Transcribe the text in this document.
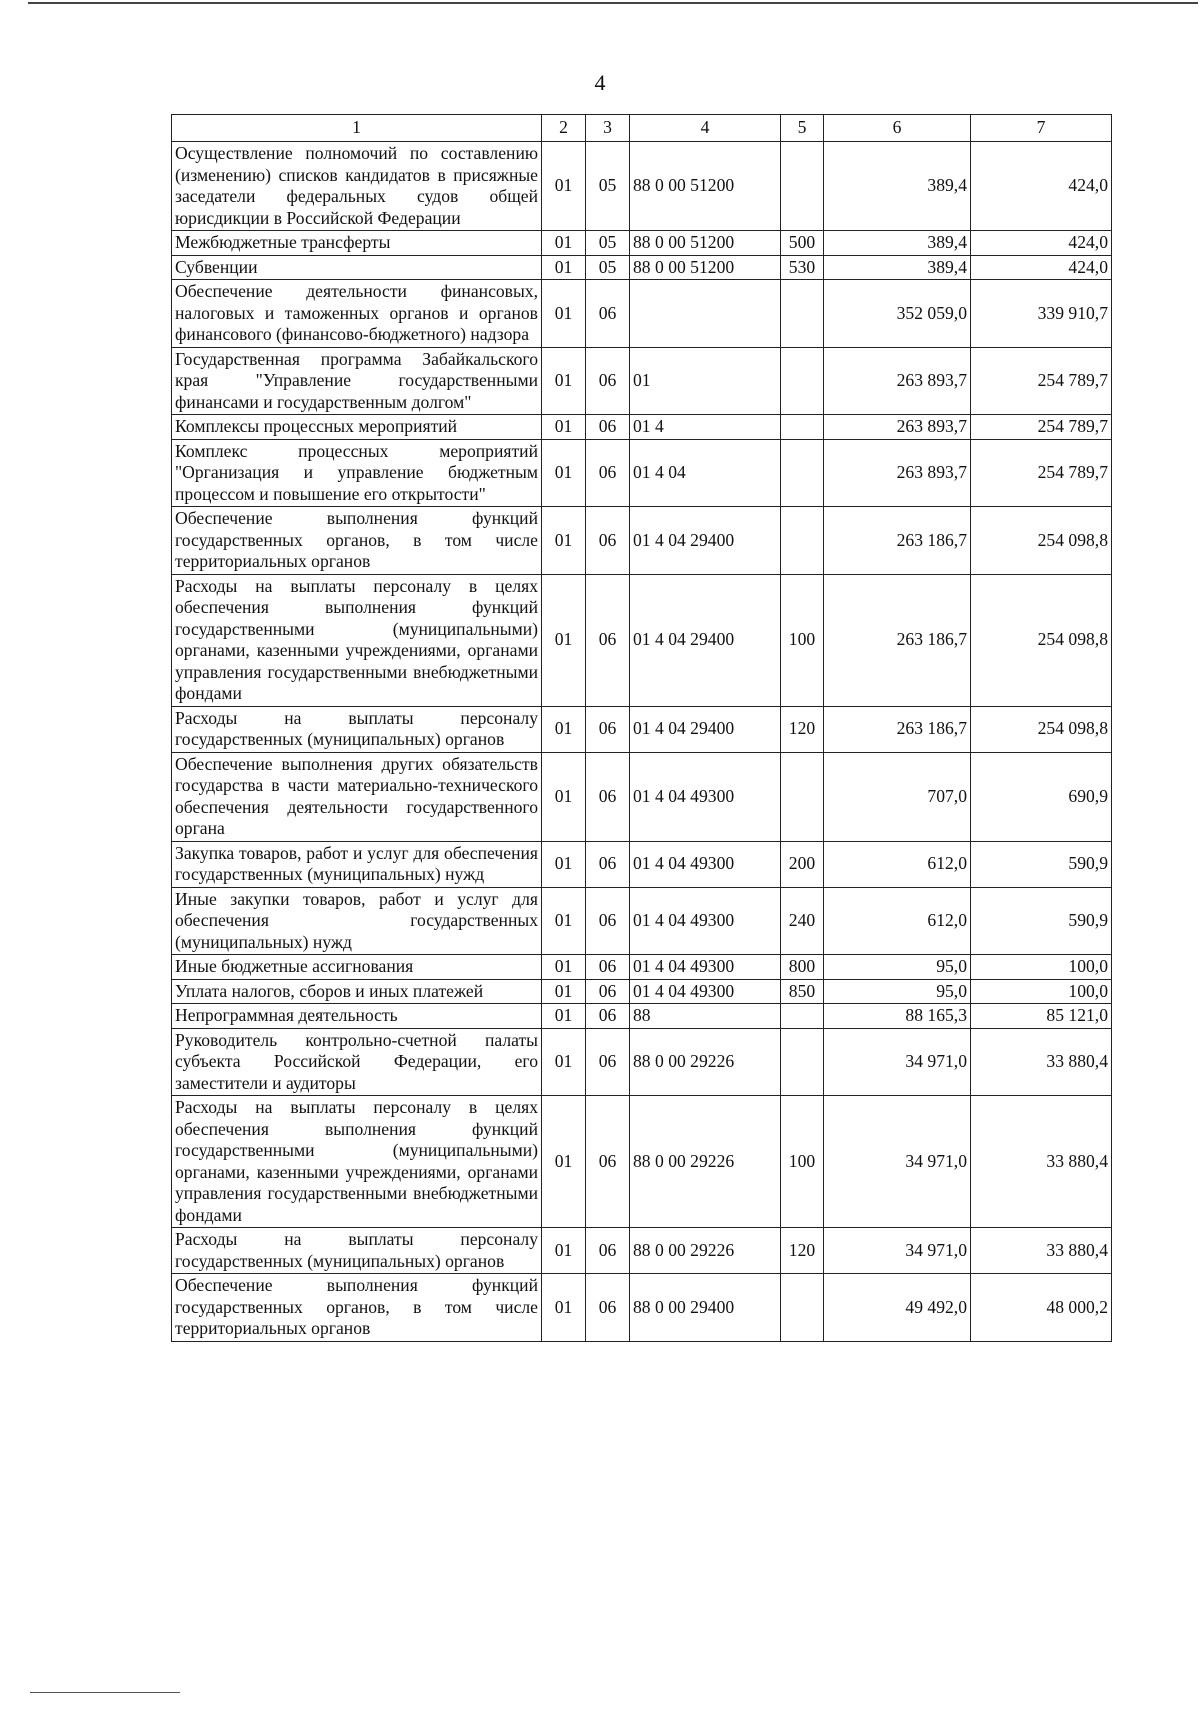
4
1	2	3	4	5	6	7
Осуществление полномочий по составлению (изменению) списков кандидатов в присяжные заседатели федеральных судов общей юрисдикции в Российской Федерации	01	05	88 0 00 51200		389,4	424,0
Межбюджетные трансферты	01	05	88 0 00 51200	500	389,4	424,0
Субвенции	01	05	88 0 00 51200	530	389,4	424,0
Обеспечение деятельности финансовых, налоговых и таможенных органов и органов финансового (финансово-бюджетного) надзора	01	06			352 059,0	339 910,7
Государственная программа Забайкальского края "Управление государственными финансами и государственным долгом"	01	06	01		263 893,7	254 789,7
Комплексы процессных мероприятий	01	06	01 4		263 893,7	254 789,7
Комплекс процессных мероприятий "Организация и управление бюджетным процессом и повышение его открытости"	01	06	01 4 04		263 893,7	254 789,7
Обеспечение выполнения функций государственных органов, в том числе территориальных органов	01	06	01 4 04 29400		263 186,7	254 098,8
Расходы на выплаты персоналу в целях обеспечения выполнения функций государственными (муниципальными) органами, казенными учреждениями, органами управления государственными внебюджетными фондами	01	06	01 4 04 29400	100	263 186,7	254 098,8
Расходы на выплаты персоналу государственных (муниципальных) органов	01	06	01 4 04 29400	120	263 186,7	254 098,8
Обеспечение выполнения других обязательств государства в части материально-технического обеспечения деятельности государственного органа	01	06	01 4 04 49300		707,0	690,9
Закупка товаров, работ и услуг для обеспечения государственных (муниципальных) нужд	01	06	01 4 04 49300	200	612,0	590,9
Иные закупки товаров, работ и услуг для обеспечения государственных (муниципальных) нужд	01	06	01 4 04 49300	240	612,0	590,9
Иные бюджетные ассигнования	01	06	01 4 04 49300	800	95,0	100,0
Уплата налогов, сборов и иных платежей	01	06	01 4 04 49300	850	95,0	100,0
Непрограммная деятельность	01	06	88		88 165,3	85 121,0
Руководитель контрольно-счетной палаты субъекта Российской Федерации, его заместители и аудиторы	01	06	88 0 00 29226		34 971,0	33 880,4
Расходы на выплаты персоналу в целях обеспечения выполнения функций государственными (муниципальными) органами, казенными учреждениями, органами управления государственными внебюджетными фондами	01	06	88 0 00 29226	100	34 971,0	33 880,4
Расходы на выплаты персоналу государственных (муниципальных) органов	01	06	88 0 00 29226	120	34 971,0	33 880,4
Обеспечение выполнения функций государственных органов, в том числе территориальных органов	01	06	88 0 00 29400		49 492,0	48 000,2
